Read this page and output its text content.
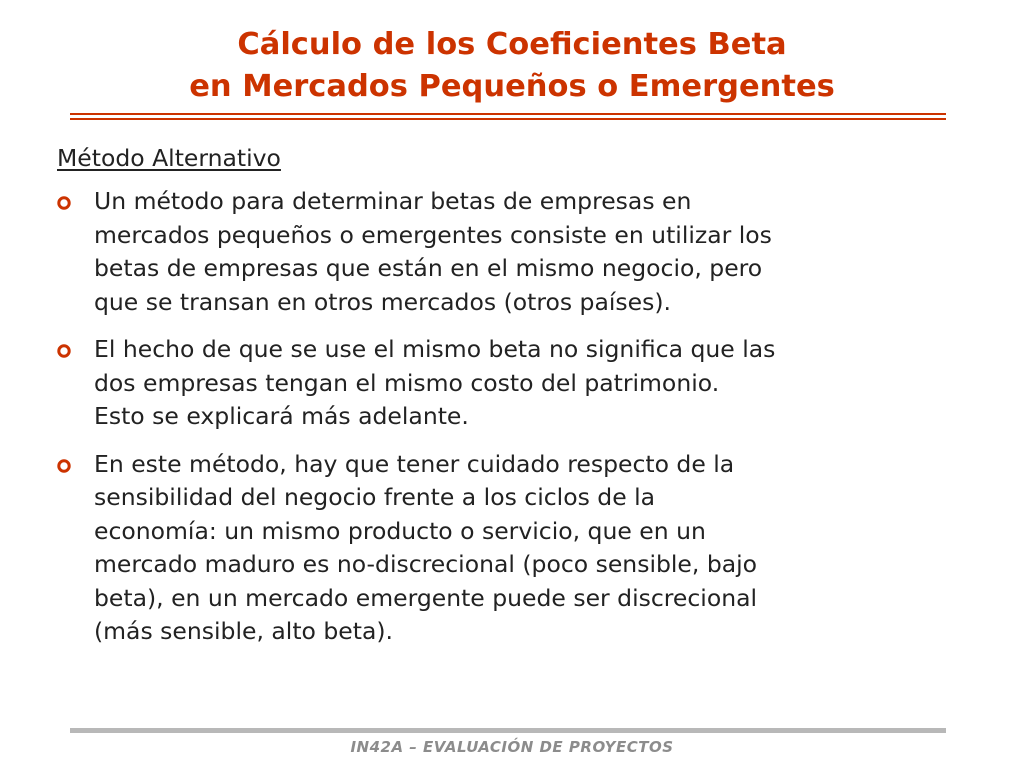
Cálculo de los Coeficientes Beta
en Mercados Pequeños o Emergentes
Método Alternativo
Un método para determinar betas de empresas en
mercados pequeños o emergentes consiste en utilizar los
betas de empresas que están en el mismo negocio, pero
que se transan en otros mercados (otros países).
El hecho de que se use el mismo beta no significa que las
dos empresas tengan el mismo costo del patrimonio.
Esto se explicará más adelante.
En este método, hay que tener cuidado respecto de la
sensibilidad del negocio frente a los ciclos de la
economía: un mismo producto o servicio, que en un
mercado maduro es no-discrecional (poco sensible, bajo
beta), en un mercado emergente puede ser discrecional
(más sensible, alto beta).
IN42A – EVALUACIÓN DE PROYECTOS
